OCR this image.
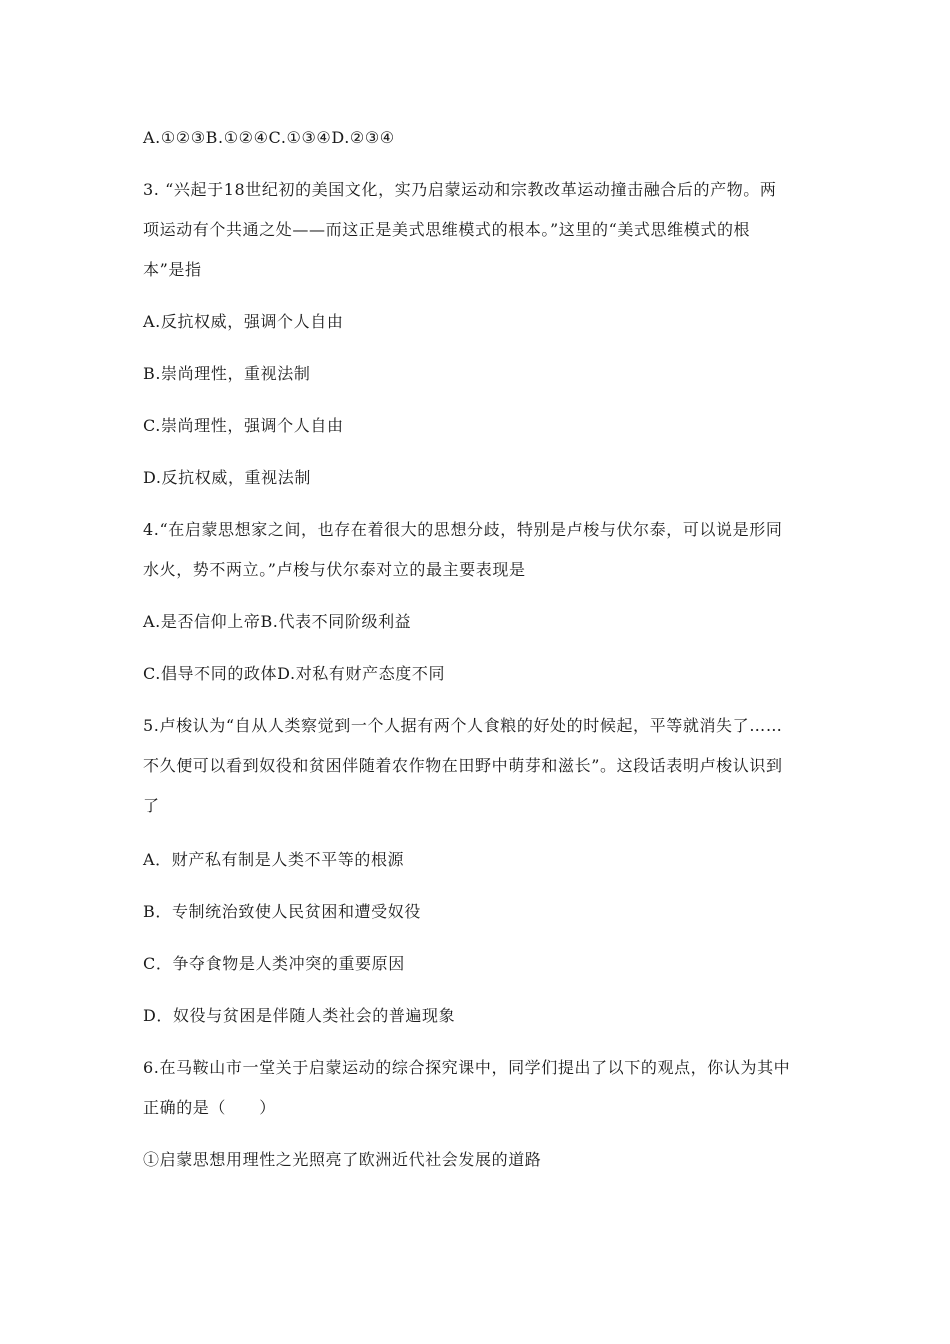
A.①②③B.①②④C.①③④D.②③④
3. “兴起于18世纪初的美国文化，实乃启蒙运动和宗教改革运动撞击融合后的产物。两
项运动有个共通之处——而这正是美式思维模式的根本。”这里的“美式思维模式的根
本”是指
A.反抗权威，强调个人自由
B.崇尚理性，重视法制
C.崇尚理性，强调个人自由
D.反抗权威，重视法制
4.“在启蒙思想家之间，也存在着很大的思想分歧，特别是卢梭与伏尔泰，可以说是形同
水火，势不两立。”卢梭与伏尔泰对立的最主要表现是
A.是否信仰上帝B.代表不同阶级利益
C.倡导不同的政体D.对私有财产态度不同
5.卢梭认为“自从人类察觉到一个人据有两个人食粮的好处的时候起，平等就消失了……
不久便可以看到奴役和贫困伴随着农作物在田野中萌芽和滋长”。这段话表明卢梭认识到
了
A．财产私有制是人类不平等的根源
B．专制统治致使人民贫困和遭受奴役
C．争夺食物是人类冲突的重要原因
D．奴役与贫困是伴随人类社会的普遍现象
6.在马鞍山市一堂关于启蒙运动的综合探究课中，同学们提出了以下的观点，你认为其中
正确的是（　　）
①启蒙思想用理性之光照亮了欧洲近代社会发展的道路
